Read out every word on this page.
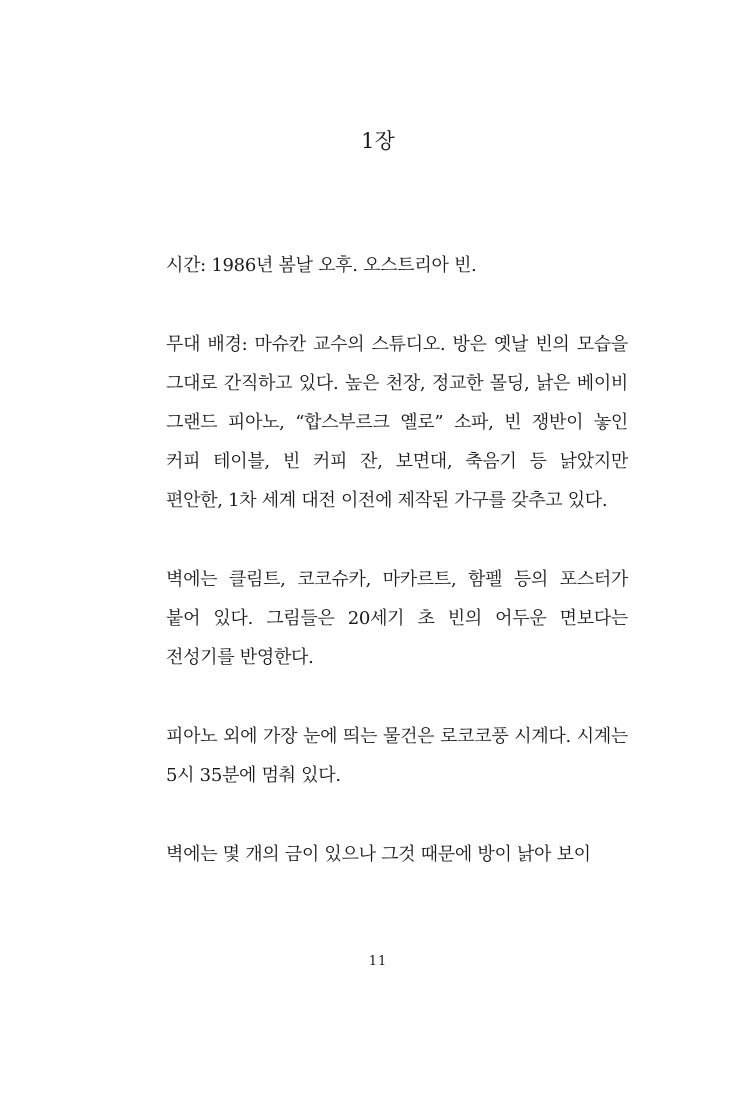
1장

시간: 1986년 봄날 오후. 오스트리아 빈.

무대 배경: 마슈칸 교수의 스튜디오. 방은 옛날 빈의 모습을 그대로 간직하고 있다. 높은 천장, 정교한 몰딩, 낡은 베이비 그랜드 피아노, “합스부르크 옐로” 소파, 빈 쟁반이 놓인 커피 테이블, 빈 커피 잔, 보면대, 축음기 등 낡았지만 편안한, 1차 세계 대전 이전에 제작된 가구를 갖추고 있다.

벽에는 클림트, 코코슈카, 마카르트, 함펠 등의 포스터가 붙어 있다. 그림들은 20세기 초 빈의 어두운 면보다는 전성기를 반영한다.

피아노 외에 가장 눈에 띄는 물건은 로코코풍 시계다. 시계는 5시 35분에 멈춰 있다.

벽에는 몇 개의 금이 있으나 그것 때문에 방이 낡아 보이

11
